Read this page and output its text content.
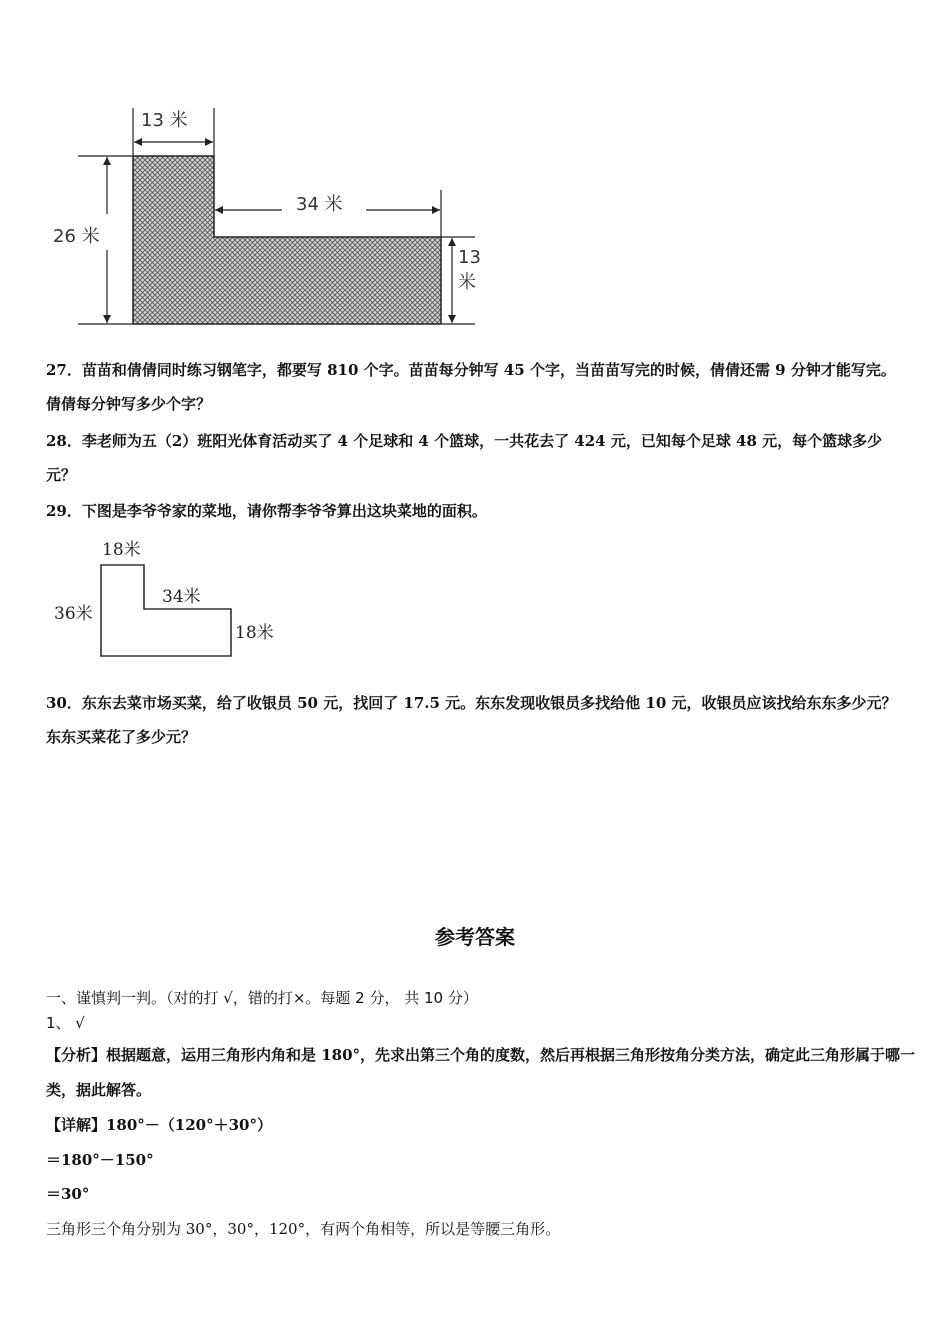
13 米
34 米
26 米
13
米
27．苗苗和倩倩同时练习钢笔字，都要写 810 个字。苗苗每分钟写 45 个字，当苗苗写完的时候，倩倩还需 9 分钟才能写完。倩倩每分钟写多少个字？
28．李老师为五（2）班阳光体育活动买了 4 个足球和 4 个篮球，一共花去了 424 元，已知每个足球 48 元，每个篮球多少元？
29．下图是李爷爷家的菜地，请你帮李爷爷算出这块菜地的面积。
18米
34米
36米
18米
30．东东去菜市场买菜，给了收银员 50 元，找回了 17.5 元。东东发现收银员多找给他 10 元，收银员应该找给东东多少元？东东买菜花了多少元？
参考答案
一、谨慎判一判。（对的打 √，错的打×。每题 2 分， 共 10 分）
1、 √
【分析】根据题意，运用三角形内角和是 180°，先求出第三个角的度数，然后再根据三角形按角分类方法，确定此三角形属于哪一类，据此解答。
【详解】180°－（120°＋30°）
＝180°－150°
＝30°
三角形三个角分别为 30°，30°，120°，有两个角相等，所以是等腰三角形。
